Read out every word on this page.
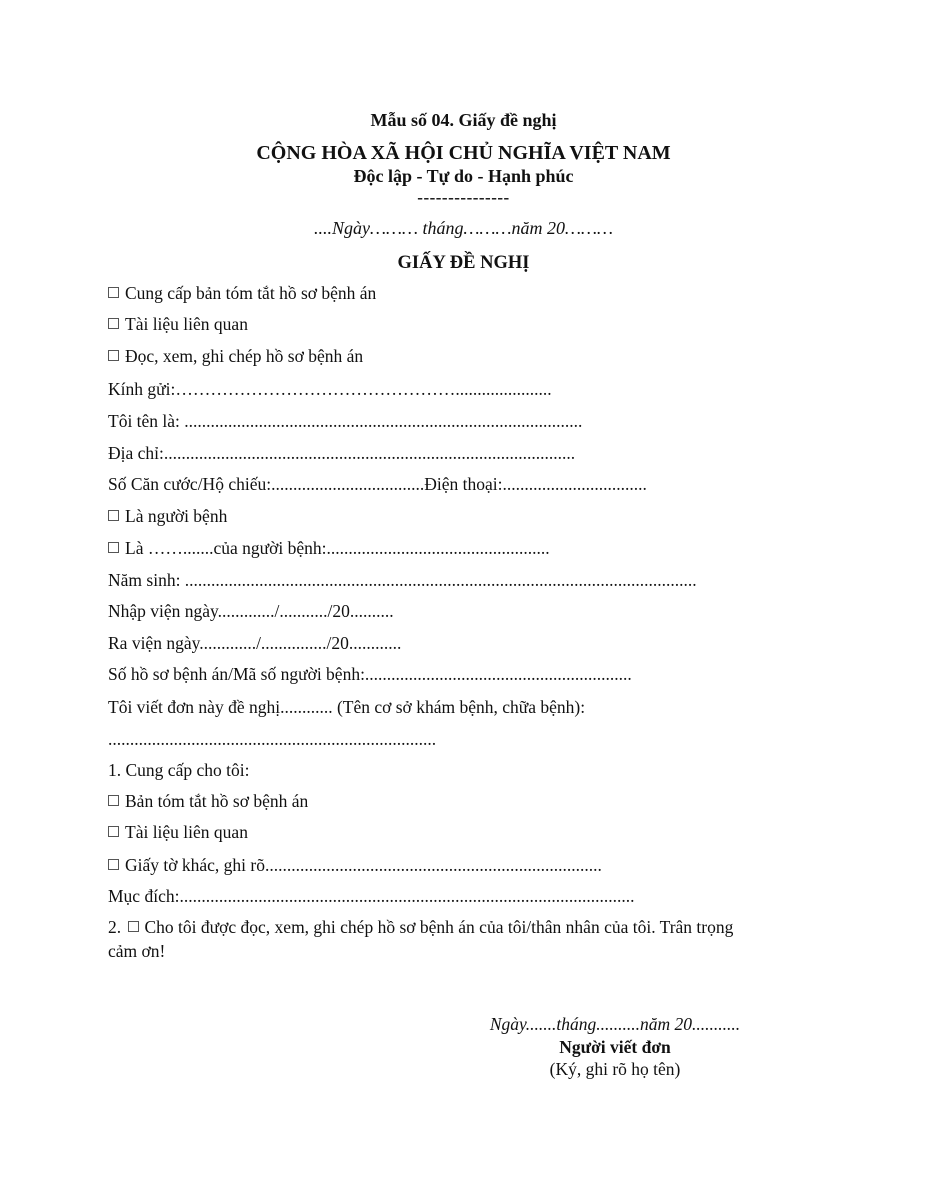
Mẫu số 04. Giấy đề nghị
CỘNG HÒA XÃ HỘI CHỦ NGHĨA VIỆT NAM
Độc lập - Tự do - Hạnh phúc
---------------
....Ngày……… tháng………năm 20………
GIẤY ĐỀ NGHỊ
Cung cấp bản tóm tắt hồ sơ bệnh án
Tài liệu liên quan
Đọc, xem, ghi chép hồ sơ bệnh án
Kính gửi:…………………………………………......................
Tôi tên là: ...........................................................................................
Địa chỉ:..............................................................................................
Số Căn cước/Hộ chiếu:...................................Điện thoại:.................................
Là người bệnh
Là …….......của người bệnh:...................................................
Năm sinh: .....................................................................................................................
Nhập viện ngày............./.........../20..........
Ra viện ngày............./.............../20............
Số hồ sơ bệnh án/Mã số người bệnh:.............................................................
Tôi viết đơn này đề nghị............ (Tên cơ sở khám bệnh, chữa bệnh):
...........................................................................
1. Cung cấp cho tôi:
Bản tóm tắt hồ sơ bệnh án
Tài liệu liên quan
Giấy tờ khác, ghi rõ.............................................................................
Mục đích:........................................................................................................
2. Cho tôi được đọc, xem, ghi chép hồ sơ bệnh án của tôi/thân nhân của tôi. Trân trọng
cảm ơn!
Ngày.......tháng..........năm 20...........
Người viết đơn
(Ký, ghi rõ họ tên)
